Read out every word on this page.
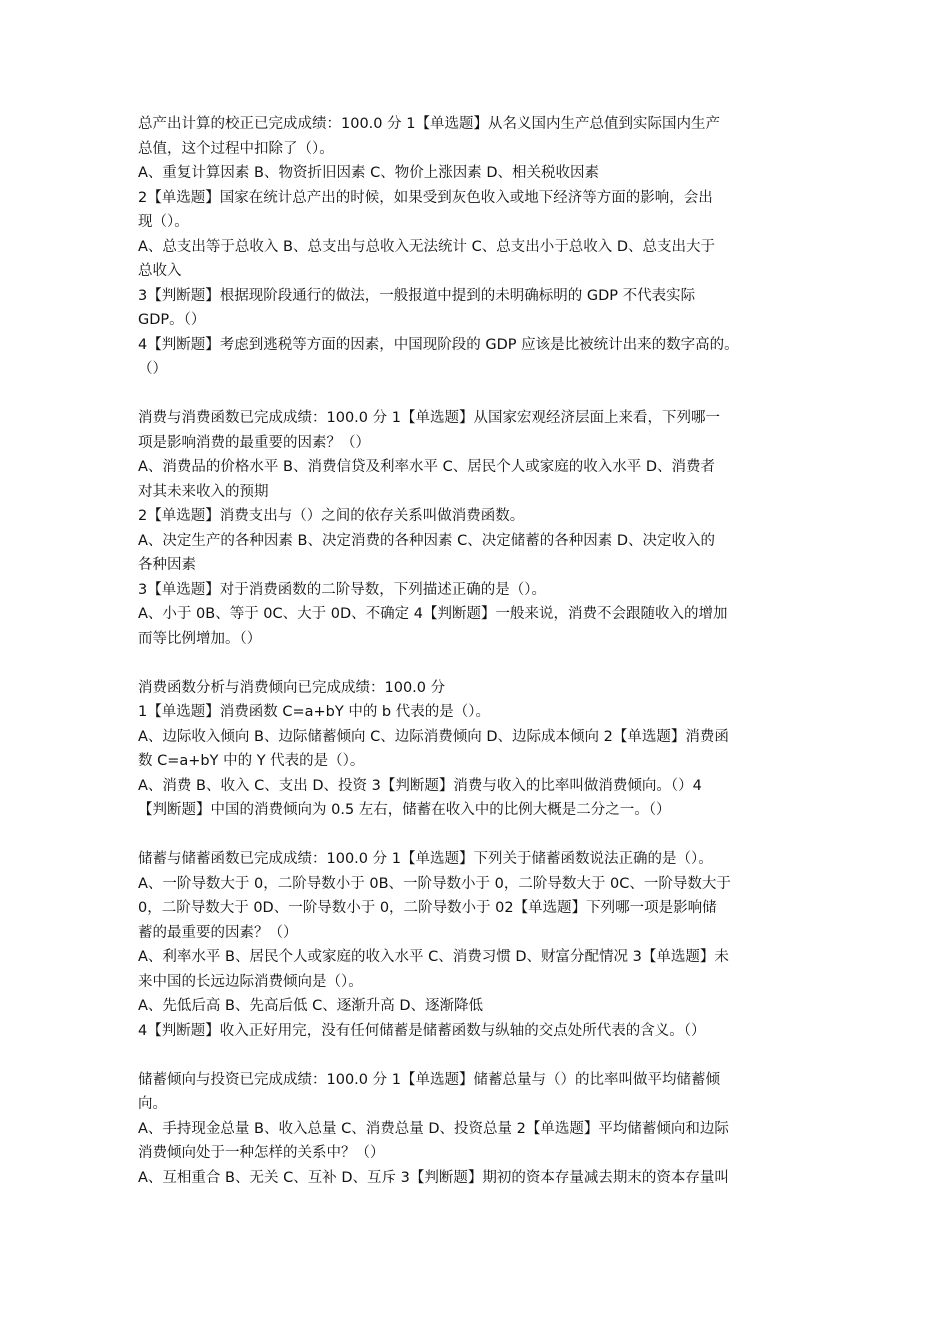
总产出计算的校正已完成成绩：100.0 分 1【单选题】从名义国内生产总值到实际国内生产

总值，这个过程中扣除了（）。

A、重复计算因素 B、物资折旧因素 C、物价上涨因素 D、相关税收因素

2【单选题】国家在统计总产出的时候，如果受到灰色收入或地下经济等方面的影响，会出

现（）。

A、总支出等于总收入 B、总支出与总收入无法统计 C、总支出小于总收入 D、总支出大于

总收入

3【判断题】根据现阶段通行的做法，一般报道中提到的未明确标明的 GDP 不代表实际

GDP。（）

4【判断题】考虑到逃税等方面的因素，中国现阶段的 GDP 应该是比被统计出来的数字高的。

（）

消费与消费函数已完成成绩：100.0 分 1【单选题】从国家宏观经济层面上来看，下列哪一

项是影响消费的最重要的因素？（）

A、消费品的价格水平 B、消费信贷及利率水平 C、居民个人或家庭的收入水平 D、消费者

对其未来收入的预期

2【单选题】消费支出与（）之间的依存关系叫做消费函数。

A、决定生产的各种因素 B、决定消费的各种因素 C、决定储蓄的各种因素 D、决定收入的

各种因素

3【单选题】对于消费函数的二阶导数，下列描述正确的是（）。

A、小于 0B、等于 0C、大于 0D、不确定 4【判断题】一般来说，消费不会跟随收入的增加

而等比例增加。（）

消费函数分析与消费倾向已完成成绩：100.0 分

1【单选题】消费函数 C=a+bY 中的 b 代表的是（）。

A、边际收入倾向 B、边际储蓄倾向 C、边际消费倾向 D、边际成本倾向 2【单选题】消费函

数 C=a+bY 中的 Y 代表的是（）。

A、消费 B、收入 C、支出 D、投资 3【判断题】消费与收入的比率叫做消费倾向。（）4

【判断题】中国的消费倾向为 0.5 左右，储蓄在收入中的比例大概是二分之一。（）

储蓄与储蓄函数已完成成绩：100.0 分 1【单选题】下列关于储蓄函数说法正确的是（）。

A、一阶导数大于 0，二阶导数小于 0B、一阶导数小于 0，二阶导数大于 0C、一阶导数大于

0，二阶导数大于 0D、一阶导数小于 0，二阶导数小于 02【单选题】下列哪一项是影响储

蓄的最重要的因素？（）

A、利率水平 B、居民个人或家庭的收入水平 C、消费习惯 D、财富分配情况 3【单选题】未

来中国的长远边际消费倾向是（）。

A、先低后高 B、先高后低 C、逐渐升高 D、逐渐降低

4【判断题】收入正好用完，没有任何储蓄是储蓄函数与纵轴的交点处所代表的含义。（）

储蓄倾向与投资已完成成绩：100.0 分 1【单选题】储蓄总量与（）的比率叫做平均储蓄倾

向。

A、手持现金总量 B、收入总量 C、消费总量 D、投资总量 2【单选题】平均储蓄倾向和边际

消费倾向处于一种怎样的关系中？（）

A、互相重合 B、无关 C、互补 D、互斥 3【判断题】期初的资本存量减去期末的资本存量叫
